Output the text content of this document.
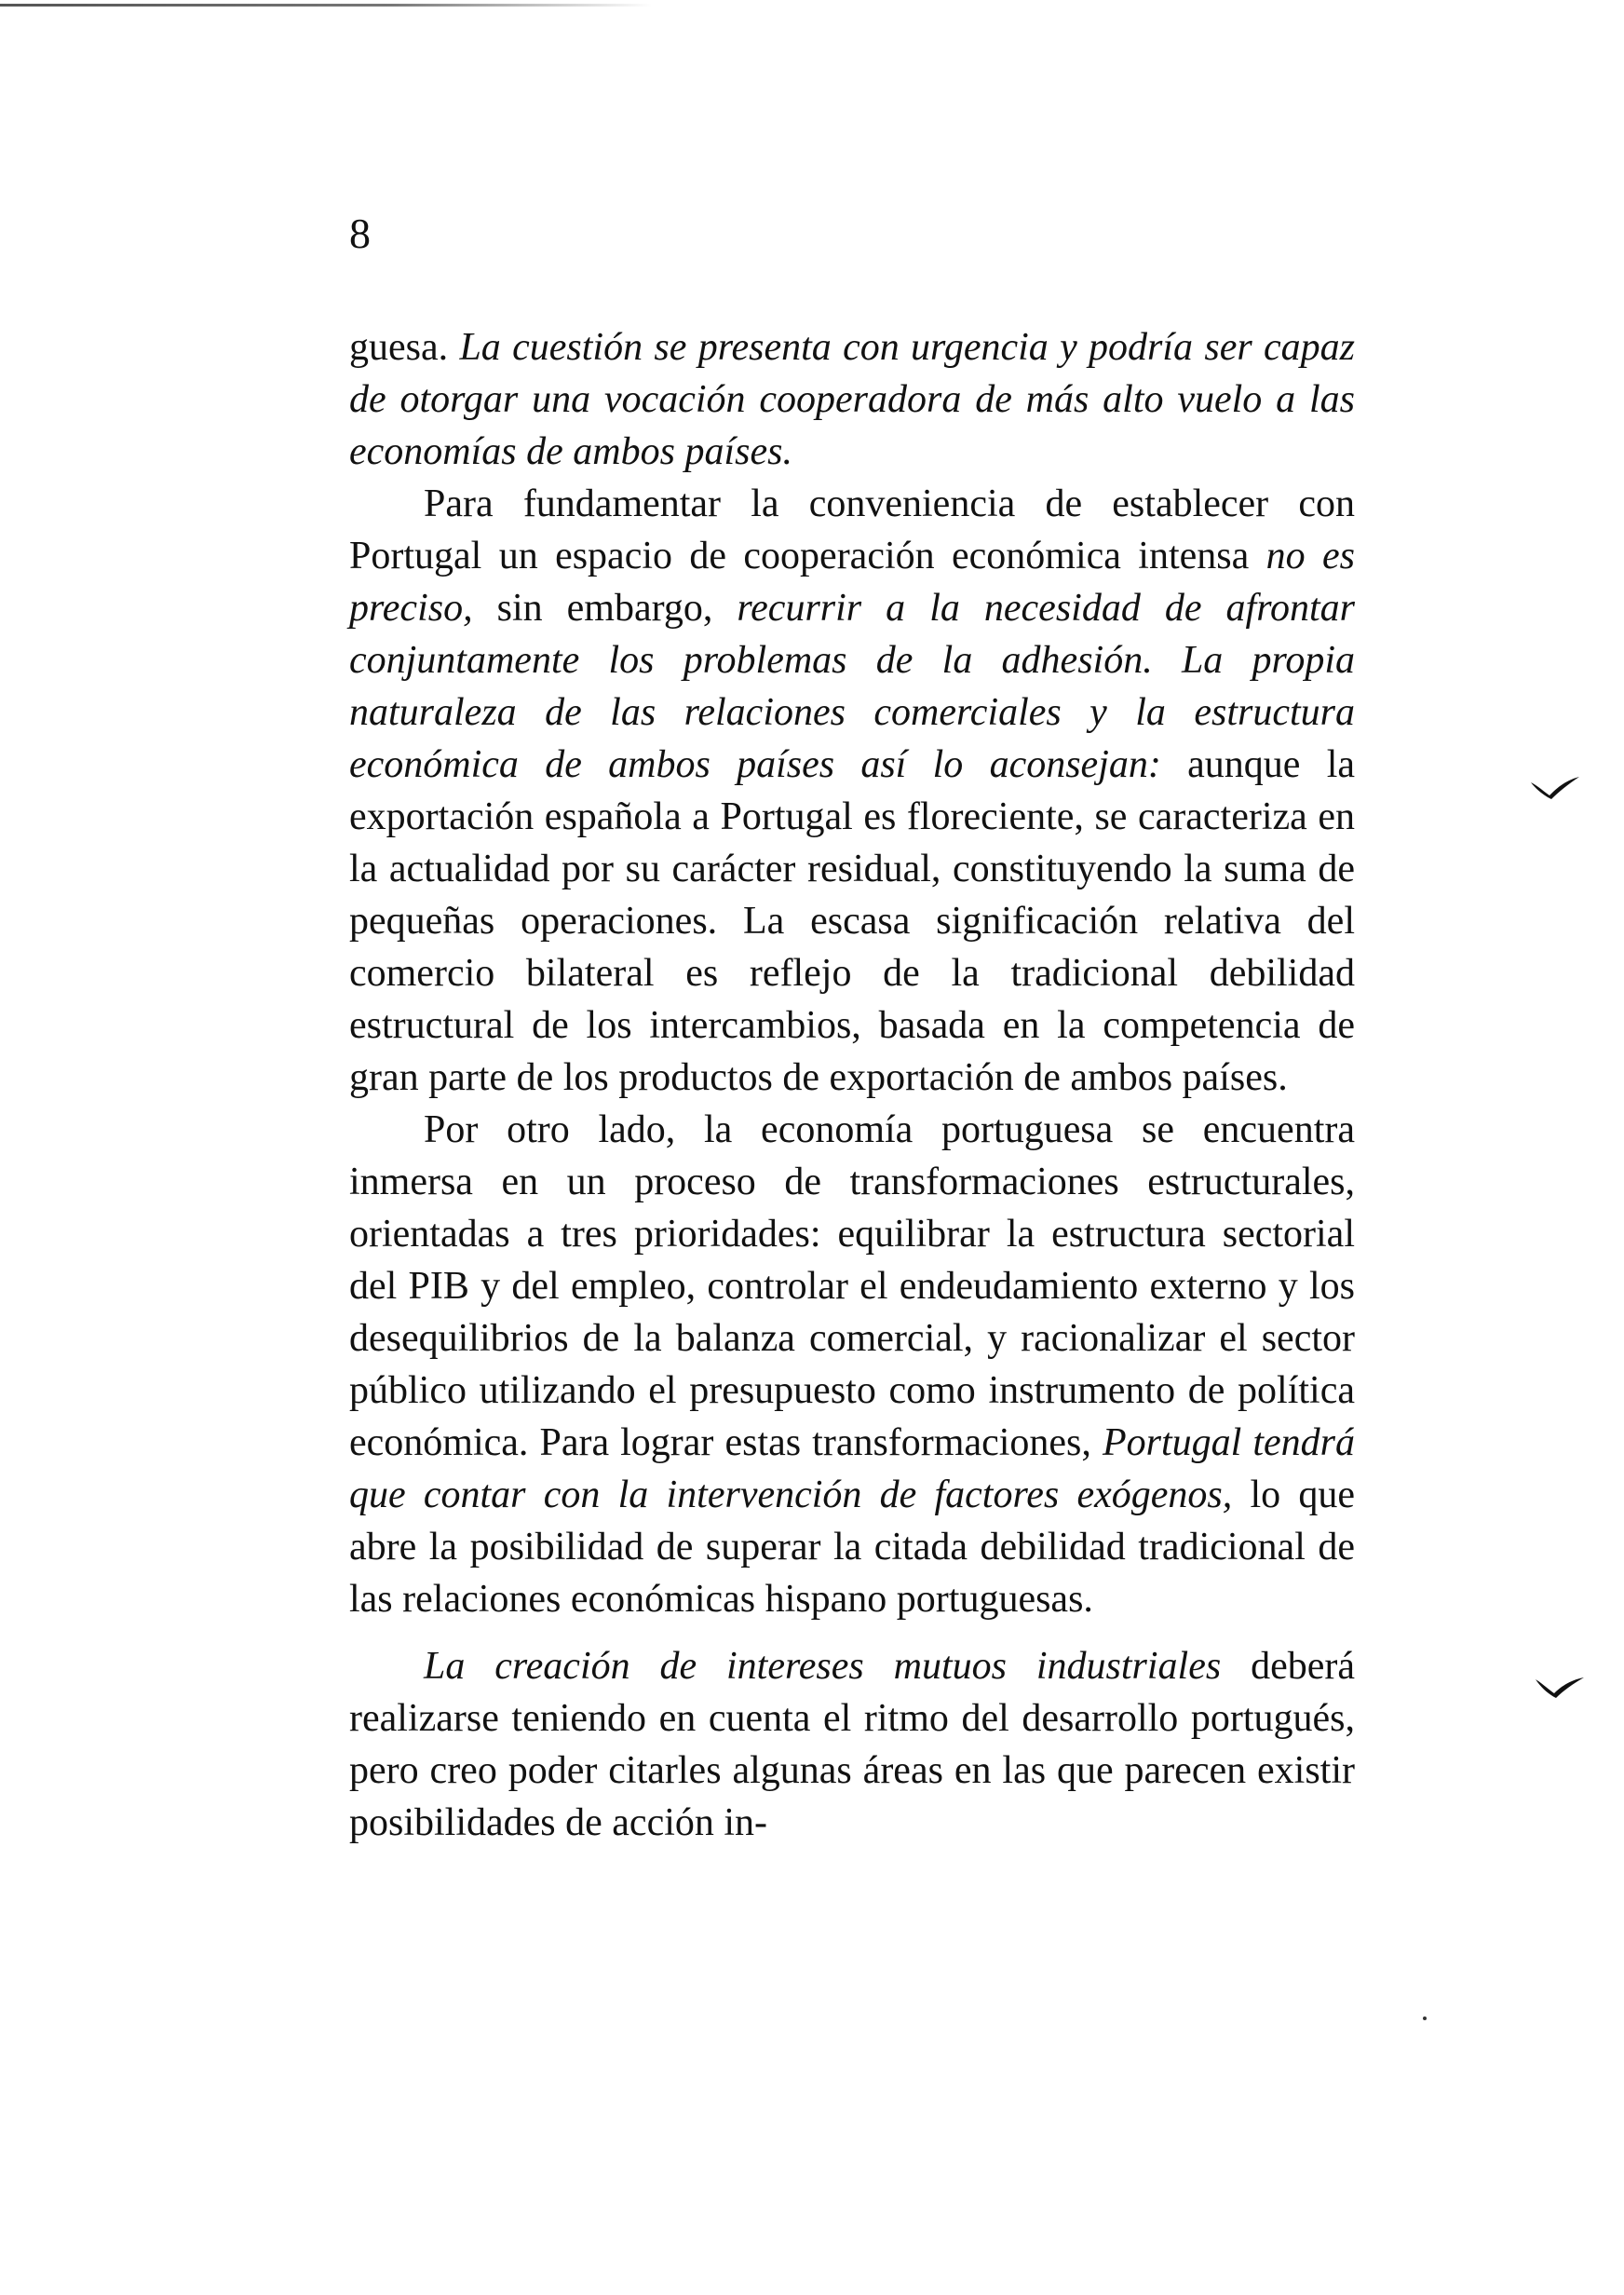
8

guesa. La cuestión se presenta con urgencia y podría ser capaz de otorgar una vocación cooperadora de más alto vuelo a las economías de ambos países.

Para fundamentar la conveniencia de establecer con Portugal un espacio de cooperación económica intensa no es preciso, sin embargo, recurrir a la necesidad de afrontar conjuntamente los problemas de la adhesión. La propia naturaleza de las relaciones comerciales y la estructura económica de ambos países así lo aconsejan: aunque la exportación española a Portugal es floreciente, se caracteriza en la actualidad por su carácter residual, constituyendo la suma de pequeñas operaciones. La escasa significación relativa del comercio bilateral es reflejo de la tradicional debilidad estructural de los intercambios, basada en la competencia de gran parte de los productos de exportación de ambos países.

Por otro lado, la economía portuguesa se encuentra inmersa en un proceso de transformaciones estructurales, orientadas a tres prioridades: equilibrar la estructura sectorial del PIB y del empleo, controlar el endeudamiento externo y los desequilibrios de la balanza comercial, y racionalizar el sector público utilizando el presupuesto como instrumento de política económica. Para lograr estas transformaciones, Portugal tendrá que contar con la intervención de factores exógenos, lo que abre la posibilidad de superar la citada debilidad tradicional de las relaciones económicas hispano portuguesas.

La creación de intereses mutuos industriales deberá realizarse teniendo en cuenta el ritmo del desarrollo portugués, pero creo poder citarles algunas áreas en las que parecen existir posibilidades de acción in-
